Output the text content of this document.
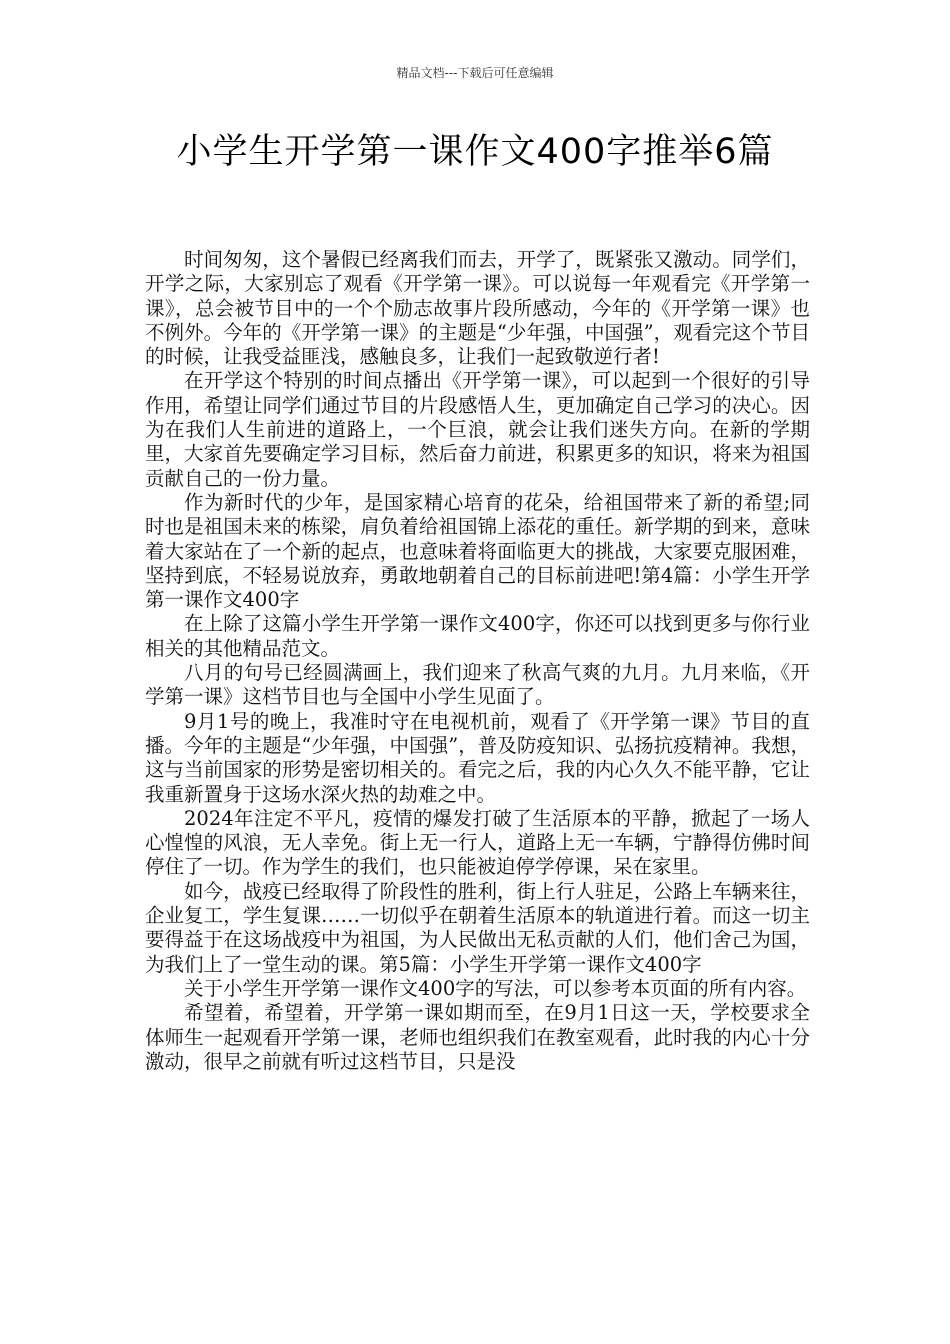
精品文档---下载后可任意编辑
小学生开学第一课作文400字推举6篇

时间匆匆，这个暑假已经离我们而去，开学了，既紧张又激动。同学们，开学之际，大家别忘了观看《开学第一课》。可以说每一年观看完《开学第一课》，总会被节目中的一个个励志故事片段所感动，今年的《开学第一课》也不例外。今年的《开学第一课》的主题是“少年强，中国强”，观看完这个节目的时候，让我受益匪浅，感触良多，让我们一起致敬逆行者!

在开学这个特别的时间点播出《开学第一课》，可以起到一个很好的引导作用，希望让同学们通过节目的片段感悟人生，更加确定自己学习的决心。因为在我们人生前进的道路上，一个巨浪，就会让我们迷失方向。在新的学期里，大家首先要确定学习目标，然后奋力前进，积累更多的知识，将来为祖国贡献自己的一份力量。

作为新时代的少年，是国家精心培育的花朵，给祖国带来了新的希望;同时也是祖国未来的栋梁，肩负着给祖国锦上添花的重任。新学期的到来，意味着大家站在了一个新的起点，也意味着将面临更大的挑战，大家要克服困难，坚持到底，不轻易说放弃，勇敢地朝着自己的目标前进吧!第4篇：小学生开学第一课作文400字

在上除了这篇小学生开学第一课作文400字，你还可以找到更多与你行业相关的其他精品范文。

八月的句号已经圆满画上，我们迎来了秋高气爽的九月。九月来临，《开学第一课》这档节目也与全国中小学生见面了。

9月1号的晚上，我准时守在电视机前，观看了《开学第一课》节目的直播。今年的主题是“少年强，中国强”，普及防疫知识、弘扬抗疫精神。我想，这与当前国家的形势是密切相关的。看完之后，我的内心久久不能平静，它让我重新置身于这场水深火热的劫难之中。

2024年注定不平凡，疫情的爆发打破了生活原本的平静，掀起了一场人心惶惶的风浪，无人幸免。街上无一行人，道路上无一车辆，宁静得仿佛时间停住了一切。作为学生的我们，也只能被迫停学停课，呆在家里。

如今，战疫已经取得了阶段性的胜利，街上行人驻足，公路上车辆来往，企业复工，学生复课……一切似乎在朝着生活原本的轨道进行着。而这一切主要得益于在这场战疫中为祖国，为人民做出无私贡献的人们，他们舍己为国，为我们上了一堂生动的课。第5篇：小学生开学第一课作文400字

关于小学生开学第一课作文400字的写法，可以参考本页面的所有内容。

希望着，希望着，开学第一课如期而至，在9月1日这一天，学校要求全体师生一起观看开学第一课，老师也组织我们在教室观看，此时我的内心十分激动，很早之前就有听过这档节目，只是没
